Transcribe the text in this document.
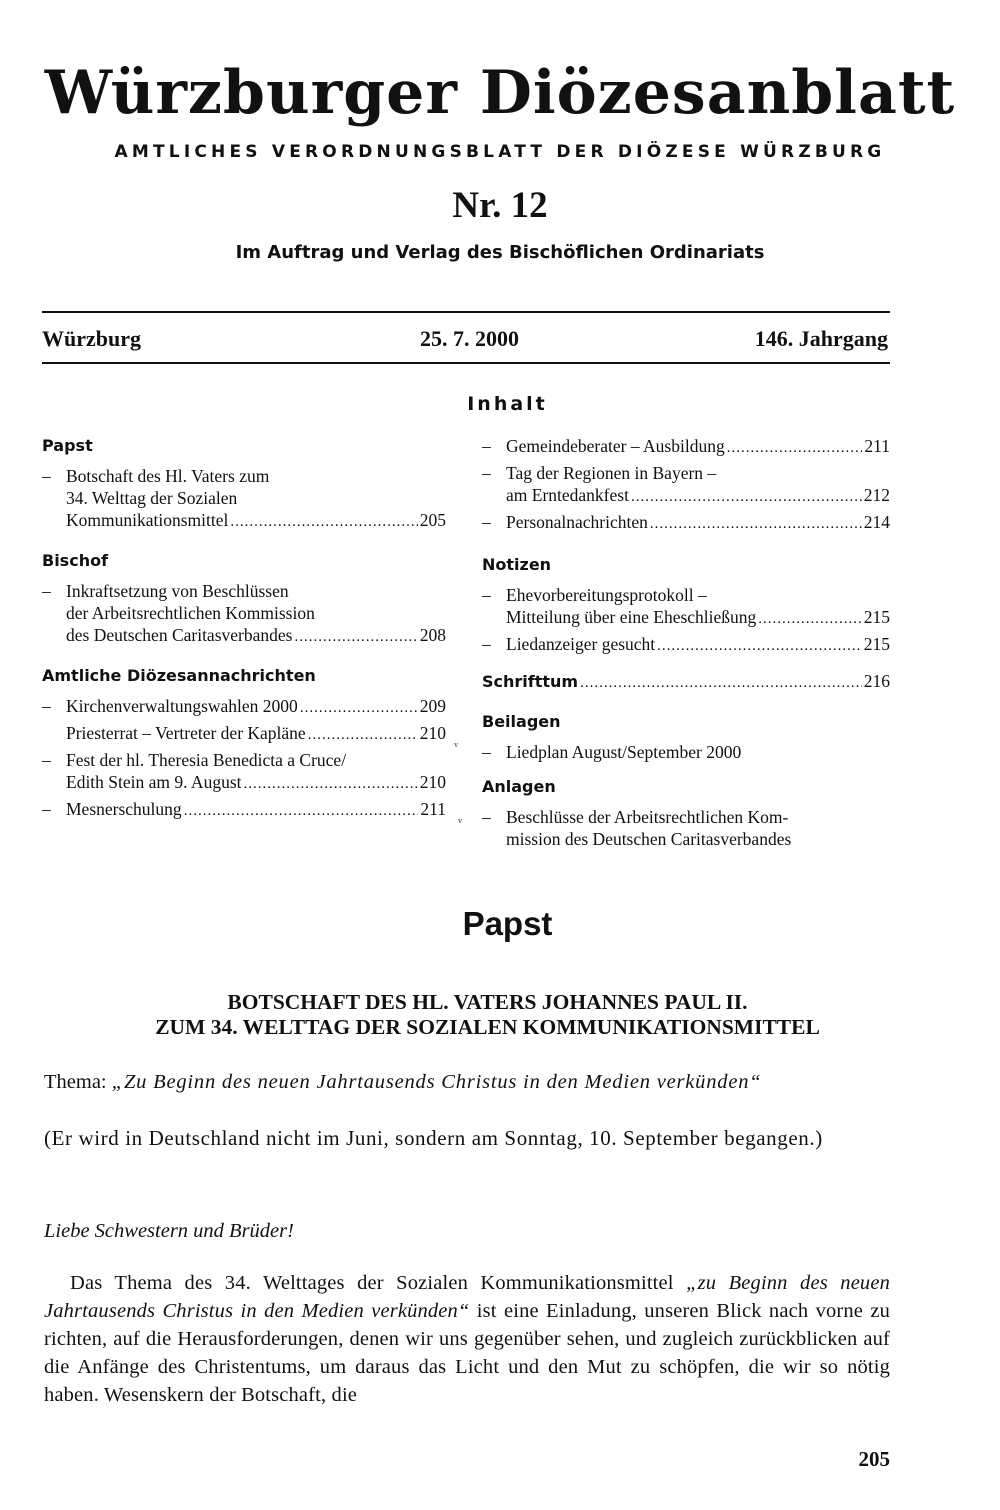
Würzburger Diözesanblatt
AMTLICHES VERORDNUNGSBLATT DER DIÖZESE WÜRZBURG
Nr. 12
Im Auftrag und Verlag des Bischöflichen Ordinariats
Würzburg	25. 7. 2000	146. Jahrgang
Inhalt
Papst
– Botschaft des Hl. Vaters zum
34. Welttag der Sozialen
Kommunikationsmittel .....	205
Bischof
– Inkraftsetzung von Beschlüssen
der Arbeitsrechtlichen Kommission
des Deutschen Caritasverbandes .....	208
Amtliche Diözesannachrichten
– Kirchenverwaltungswahlen 2000 .....	209
Priesterrat – Vertreter der Kapläne .....	210
– Fest der hl. Theresia Benedicta a Cruce/
Edith Stein am 9. August .....	210
– Mesnerschulung .....	211
ᵛ
ᵛ
– Gemeindeberater – Ausbildung .....	211
– Tag der Regionen in Bayern –
am Erntedankfest .....	212
– Personalnachrichten .....	214
Notizen
– Ehevorbereitungsprotokoll –
Mitteilung über eine Eheschließung .....	215
– Liedanzeiger gesucht .....	215
Schrifttum .....	216
Beilagen
– Liedplan August/September 2000
Anlagen
– Beschlüsse der Arbeitsrechtlichen Kom-
mission des Deutschen Caritasverbandes
Papst
BOTSCHAFT DES HL. VATERS JOHANNES PAUL II.
ZUM 34. WELTTAG DER SOZIALEN KOMMUNIKATIONSMITTEL
Thema: „Zu Beginn des neuen Jahrtausends Christus in den Medien verkünden“
(Er wird in Deutschland nicht im Juni, sondern am Sonntag, 10. September begangen.)
Liebe Schwestern und Brüder!
Das Thema des 34. Welttages der Sozialen Kommunikationsmittel „zu Beginn des neuen Jahrtausends Christus in den Medien verkünden“ ist eine Einladung, unseren Blick nach vorne zu richten, auf die Herausforderungen, denen wir uns gegenüber sehen, und zugleich zurückblicken auf die Anfänge des Christentums, um daraus das Licht und den Mut zu schöpfen, die wir so nötig haben. Wesenskern der Botschaft, die
205
